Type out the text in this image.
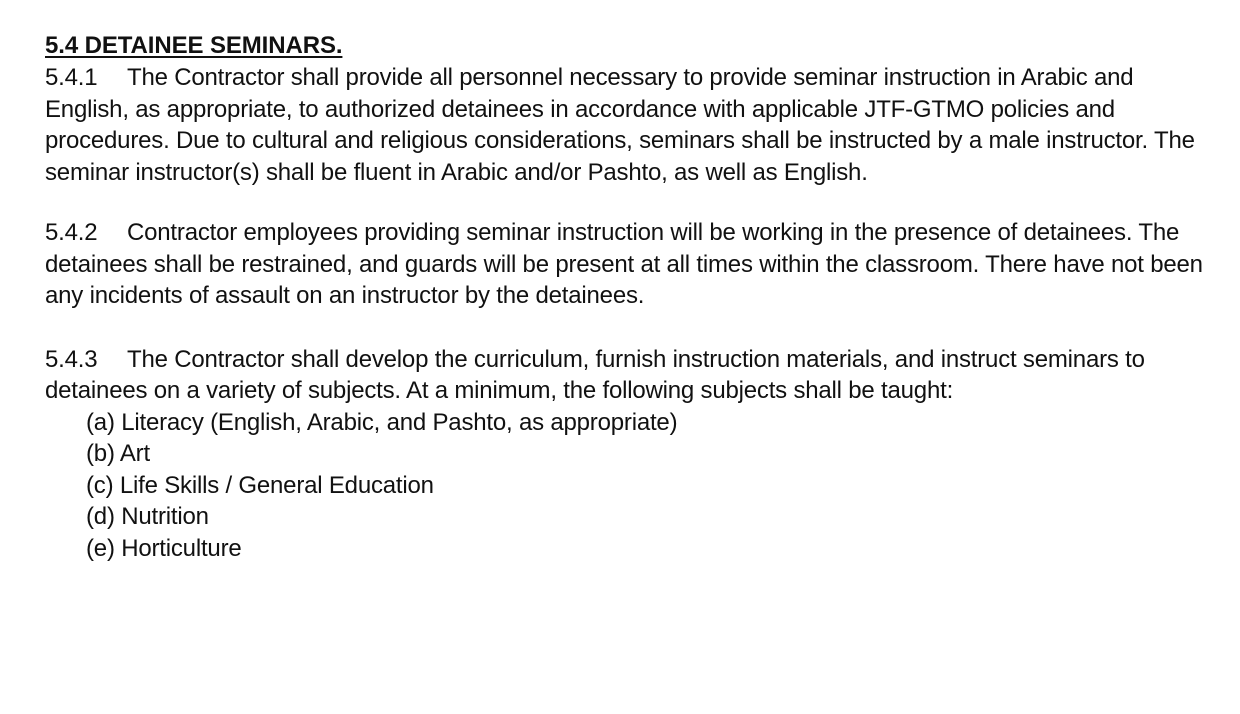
5.4 DETAINEE SEMINARS.

5.4.1 The Contractor shall provide all personnel necessary to provide seminar instruction in Arabic and English, as appropriate, to authorized detainees in accordance with applicable JTF-GTMO policies and procedures. Due to cultural and religious considerations, seminars shall be instructed by a male instructor. The seminar instructor(s) shall be fluent in Arabic and/or Pashto, as well as English.

5.4.2 Contractor employees providing seminar instruction will be working in the presence of detainees. The detainees shall be restrained, and guards will be present at all times within the classroom. There have not been any incidents of assault on an instructor by the detainees.

5.4.3 The Contractor shall develop the curriculum, furnish instruction materials, and instruct seminars to detainees on a variety of subjects. At a minimum, the following subjects shall be taught:

(a) Literacy (English, Arabic, and Pashto, as appropriate)
(b) Art
(c) Life Skills / General Education
(d) Nutrition
(e) Horticulture
